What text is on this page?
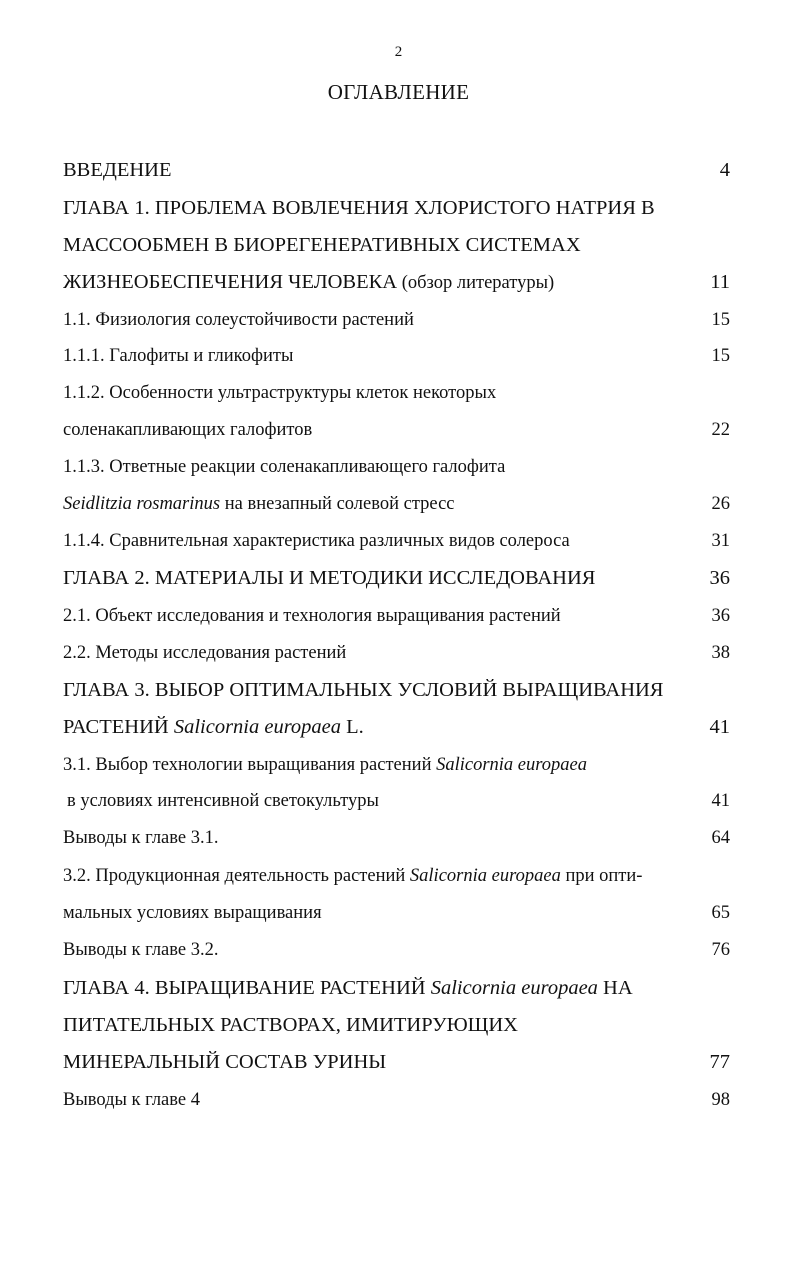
2
ОГЛАВЛЕНИЕ
ВВЕДЕНИЕ	4
ГЛАВА 1. ПРОБЛЕМА ВОВЛЕЧЕНИЯ ХЛОРИСТОГО НАТРИЯ В
МАССООБМЕН В БИОРЕГЕНЕРАТИВНЫХ СИСТЕМАХ
ЖИЗНЕОБЕСПЕЧЕНИЯ ЧЕЛОВЕКА (обзор литературы)	11
1.1. Физиология солеустойчивости растений	15
1.1.1. Галофиты и гликофиты	15
1.1.2. Особенности ультраструктуры клеток некоторых
соленакапливающих галофитов	22
1.1.3. Ответные реакции соленакапливающего галофита
Seidlitzia rosmarinus на внезапный солевой стресс	26
1.1.4. Сравнительная характеристика различных видов солероса	31
ГЛАВА 2. МАТЕРИАЛЫ И МЕТОДИКИ ИССЛЕДОВАНИЯ	36
2.1. Объект исследования и технология выращивания растений	36
2.2. Методы исследования растений	38
ГЛАВА 3. ВЫБОР ОПТИМАЛЬНЫХ УСЛОВИЙ ВЫРАЩИВАНИЯ
РАСТЕНИЙ Salicornia europaea L.	41
3.1. Выбор технологии выращивания растений Salicornia europaea
в условиях интенсивной светокультуры	41
Выводы к главе 3.1.	64
3.2. Продукционная деятельность растений Salicornia europaea при опти-
мальных условиях выращивания	65
Выводы к главе 3.2.	76
ГЛАВА 4. ВЫРАЩИВАНИЕ РАСТЕНИЙ Salicornia europaea НА
ПИТАТЕЛЬНЫХ РАСТВОРАХ, ИМИТИРУЮЩИХ
МИНЕРАЛЬНЫЙ СОСТАВ УРИНЫ	77
Выводы к главе 4	98
